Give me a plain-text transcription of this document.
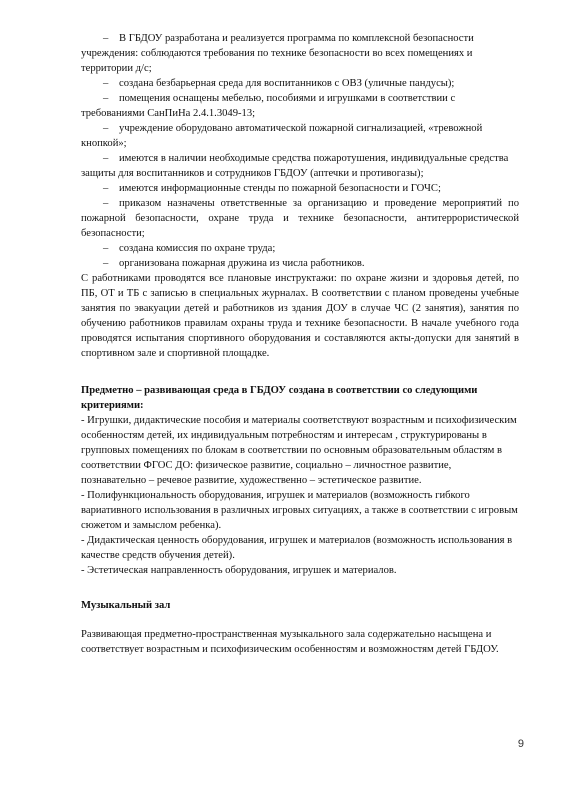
– В ГБДОУ разработана и реализуется программа по комплексной безопасности учреждения: соблюдаются требования по технике безопасности во всех помещениях и территории д/с;
– создана безбарьерная среда для воспитанников с ОВЗ (уличные пандусы);
– помещения оснащены мебелью, пособиями и игрушками в соответствии с требованиями СанПиНа 2.4.1.3049-13;
– учреждение оборудовано автоматической пожарной сигнализацией, «тревожной кнопкой»;
– имеются в наличии необходимые средства пожаротушения, индивидуальные средства защиты для воспитанников и сотрудников ГБДОУ (аптечки и противогазы);
– имеются информационные стенды по пожарной безопасности и ГОЧС;
– приказом назначены ответственные за организацию и проведение мероприятий по пожарной безопасности, охране труда и технике безопасности, антитеррористической безопасности;
– создана комиссия по охране труда;
– организована пожарная дружина из числа работников.

С работниками проводятся все плановые инструктажи: по охране жизни и здоровья детей, по ПБ, ОТ и ТБ с записью в специальных журналах. В соответствии с планом проведены учебные занятия по эвакуации детей и работников из здания ДОУ в случае ЧС (2 занятия), занятия по обучению работников правилам охраны труда и технике безопасности. В начале учебного года проводятся испытания спортивного оборудования и составляются акты-допуски для занятий в спортивном зале и спортивной площадке.

Предметно – развивающая среда в ГБДОУ создана в соответствии со следующими критериями:

- Игрушки, дидактические пособия и материалы соответствуют возрастным и психофизическим особенностям детей, их индивидуальным потребностям и интересам , структурированы в групповых помещениях по блокам в соответствии по основным образовательным областям в соответствии ФГОС ДО: физическое развитие, социально – личностное развитие, познавательно – речевое развитие, художественно – эстетическое развитие.

- Полифункциональность оборудования, игрушек и материалов (возможность гибкого вариативного использования в различных игровых ситуациях, а также в соответствии с игровым сюжетом и замыслом ребенка).

- Дидактическая ценность оборудования, игрушек и материалов (возможность использования в качестве средств обучения детей).

- Эстетическая направленность оборудования, игрушек и материалов.

Музыкальный зал

Развивающая предметно-пространственная музыкального зала содержательно насыщена и соответствует возрастным и психофизическим особенностям и возможностям детей ГБДОУ.

9
